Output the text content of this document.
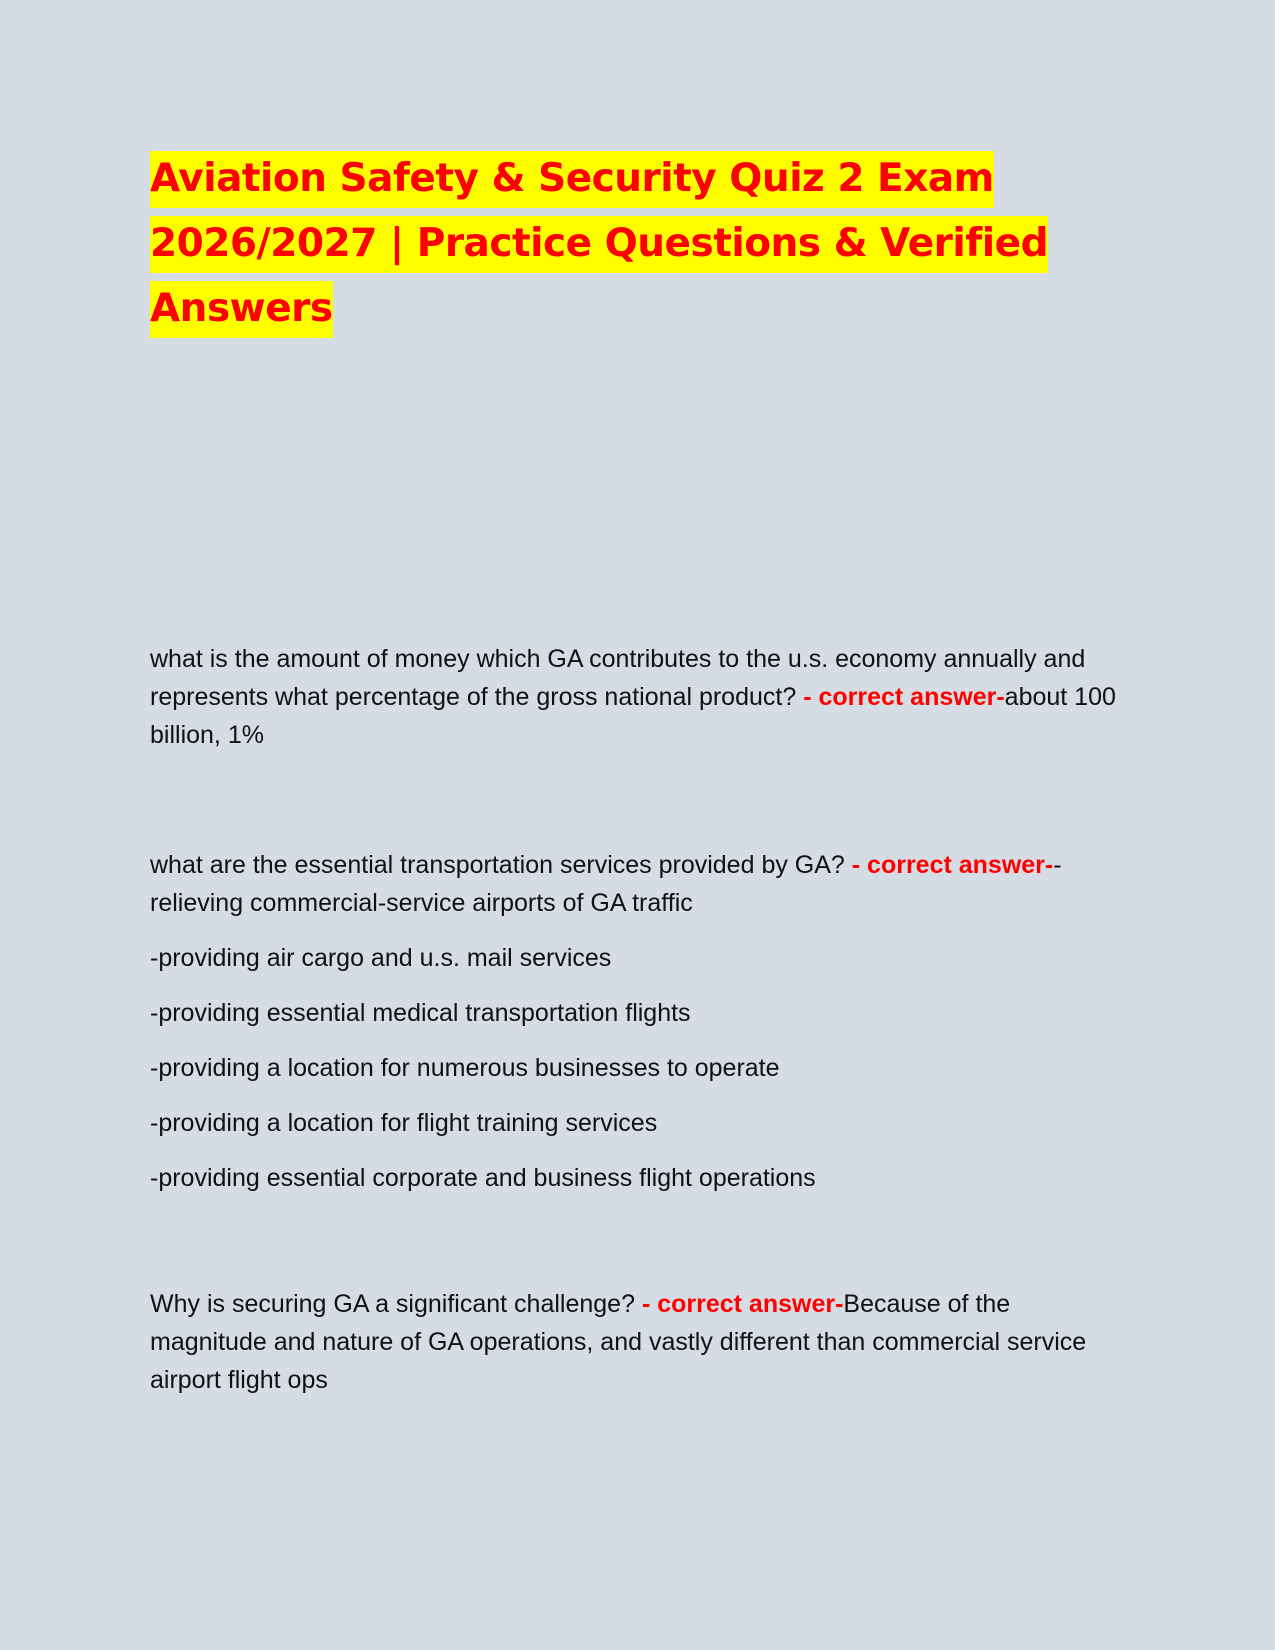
Aviation Safety & Security Quiz 2 Exam 2026/2027 | Practice Questions & Verified Answers

what is the amount of money which GA contributes to the u.s. economy annually and represents what percentage of the gross national product? - correct answer-about 100 billion, 1%

what are the essential transportation services provided by GA? - correct answer--relieving commercial-service airports of GA traffic

-providing air cargo and u.s. mail services

-providing essential medical transportation flights

-providing a location for numerous businesses to operate

-providing a location for flight training services

-providing essential corporate and business flight operations

Why is securing GA a significant challenge? - correct answer-Because of the magnitude and nature of GA operations, and vastly different than commercial service airport flight ops
